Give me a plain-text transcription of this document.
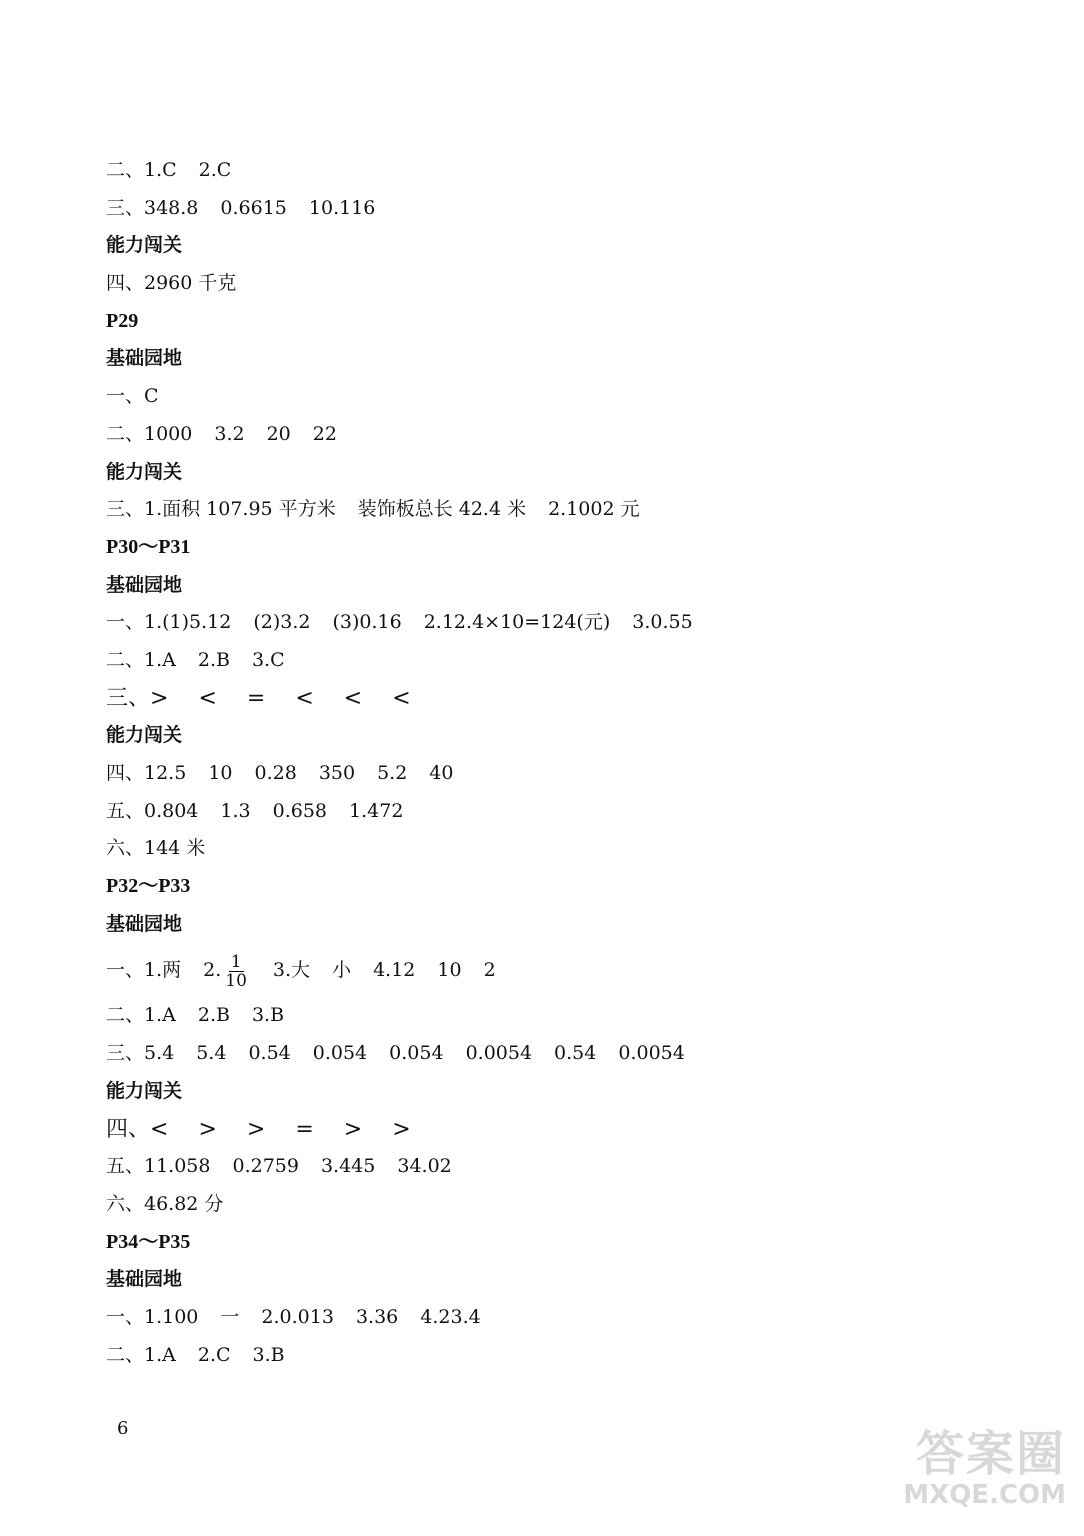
二、1.C 2.C
三、348.8 0.6615 10.116
能力闯关
四、2960 千克
P29
基础园地
一、C
二、1000 3.2 20 22
能力闯关
三、1.面积 107.95 平方米 装饰板总长 42.4 米 2.1002 元
P30～P31
基础园地
一、1.(1)5.12 (2)3.2 (3)0.16 2.12.4×10=124(元) 3.0.55
二、1.A 2.B 3.C
三、> < = < < <
能力闯关
四、12.5 10 0.28 350 5.2 40
五、0.804 1.3 0.658 1.472
六、144 米
P32～P33
基础园地
一、1.两 2. $\frac{1}{10} 3$.大 小 4.12 10 2
二、1.A 2.B 3.B
三、5.4 5.4 0.54 0.054 0.054 0.0054 0.54 0.0054
能力闯关
四、< > > = > >
五、11.058 0.2759 3.445 34.02
六、46.82 分
P34～P35
基础园地
一、1.100 一 2.0.013 3.36 4.23.4
二、1.A 2.C 3.B
6	答案圈
MXQE.COM
